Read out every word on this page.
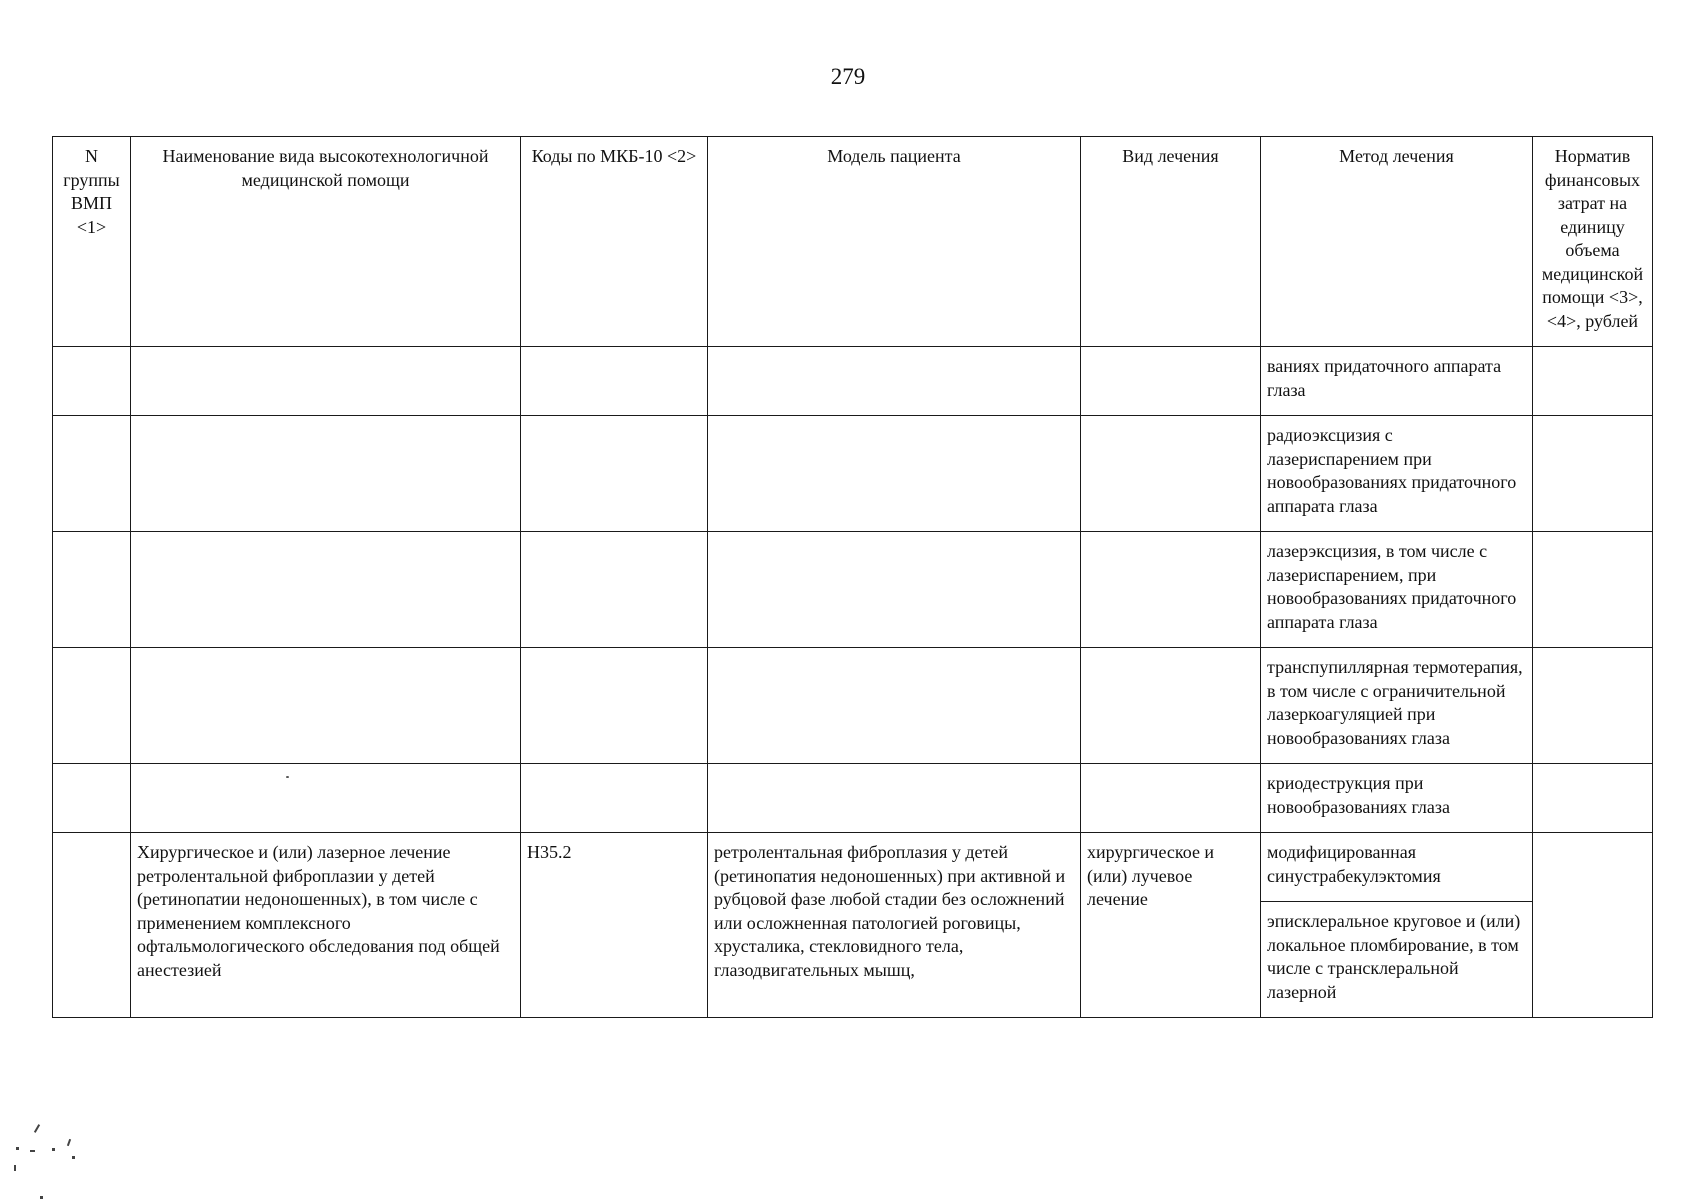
279
N группы ВМП <1>	Наименование вида высокотехнологичной медицинской помощи	Коды по МКБ-10 <2>	Модель пациента	Вид лечения	Метод лечения	Норматив финансовых затрат на единицу объема медицинской помощи <3>, <4>, рублей
					ваниях придаточного аппарата глаза	
					радиоэксцизия с лазериспарением при новообразованиях придаточного аппарата глаза	
					лазерэксцизия, в том числе с лазериспарением, при новообразованиях придаточного аппарата глаза	
					транспупиллярная термотерапия, в том числе с ограничительной лазеркоагуляцией при новообразованиях глаза	
					криодеструкция при новообразованиях глаза	
	Хирургическое и (или) лазерное лечение ретролентальной фиброплазии у детей (ретинопатии недоношенных), в том числе с применением комплексного офтальмологического обследования под общей анестезией	H35.2	ретролентальная фиброплазия у детей (ретинопатия недоношенных) при активной и рубцовой фазе любой стадии без осложнений или осложненная патологией роговицы, хрусталика, стекловидного тела, глазодвигательных мышц,	хирургическое и (или) лучевое лечение	модифицированная синустрабекулэктомия	
					эписклеральное круговое и (или) локальное пломбирование, в том числе с трансклеральной лазерной	
